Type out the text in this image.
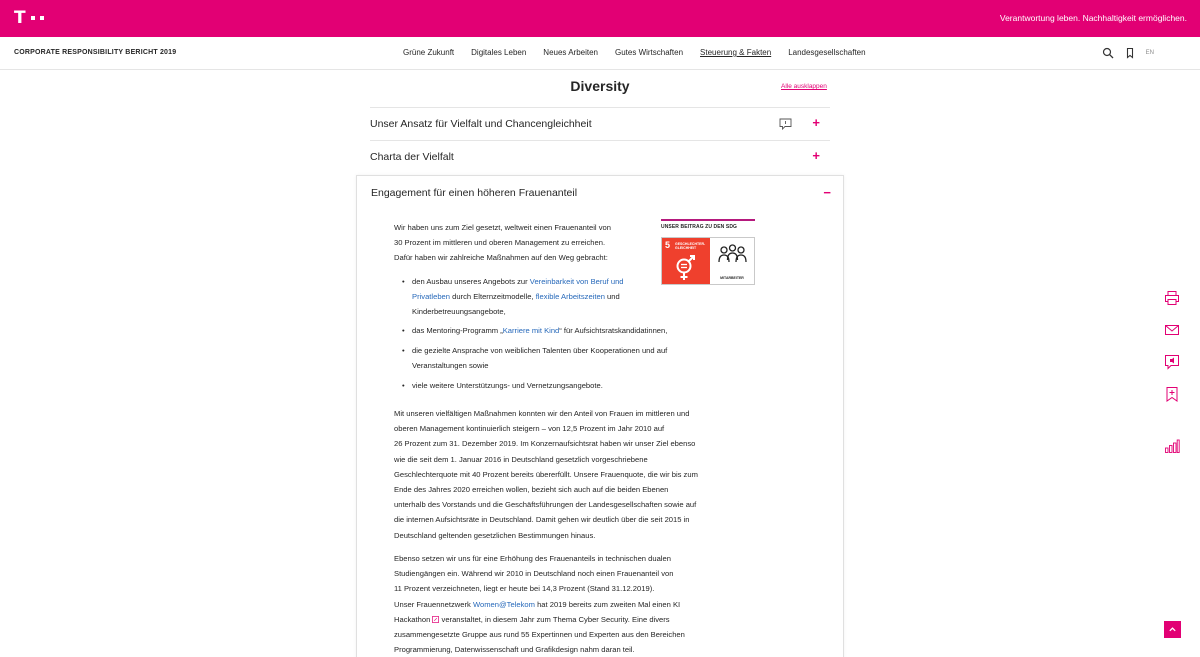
T	Verantwortung leben. Nachhaltigkeit ermöglichen.
CORPORATE RESPONSIBILITY BERICHT 2019	Grüne Zukunft Digitales Leben Neues Arbeiten Gutes Wirtschaften Steuerung & Fakten Landesgesellschaften	EN
Diversity	Alle ausklappen
Unser Ansatz für Vielfalt und Chancengleichheit	+
Charta der Vielfalt	+
Engagement für einen höheren Frauenanteil	−
Wir haben uns zum Ziel gesetzt, weltweit einen Frauenanteil von
30 Prozent im mittleren und oberen Management zu erreichen.
Dafür haben wir zahlreiche Maßnahmen auf den Weg gebracht:
UNSER BEITRAG ZU DEN SDG
5 GESCHLECHTER-GLEICHHEIT
MITARBEITER
• den Ausbau unseres Angebots zur Vereinbarkeit von Beruf und Privatleben durch Elternzeitmodelle, flexible Arbeitszeiten und Kinderbetreuungsangebote,
• das Mentoring-Programm „Karriere mit Kind“ für Aufsichtsratskandidatinnen,
• die gezielte Ansprache von weiblichen Talenten über Kooperationen und auf Veranstaltungen sowie
• viele weitere Unterstützungs- und Vernetzungsangebote.
Mit unseren vielfältigen Maßnahmen konnten wir den Anteil von Frauen im mittleren und
oberen Management kontinuierlich steigern – von 12,5 Prozent im Jahr 2010 auf
26 Prozent zum 31. Dezember 2019. Im Konzernaufsichtsrat haben wir unser Ziel ebenso
wie die seit dem 1. Januar 2016 in Deutschland gesetzlich vorgeschriebene
Geschlechterquote mit 40 Prozent bereits übererfüllt. Unsere Frauenquote, die wir bis zum
Ende des Jahres 2020 erreichen wollen, bezieht sich auch auf die beiden Ebenen
unterhalb des Vorstands und die Geschäftsführungen der Landesgesellschaften sowie auf
die internen Aufsichtsräte in Deutschland. Damit gehen wir deutlich über die seit 2015 in
Deutschland geltenden gesetzlichen Bestimmungen hinaus.
Ebenso setzen wir uns für eine Erhöhung des Frauenanteils in technischen dualen
Studiengängen ein. Während wir 2010 in Deutschland noch einen Frauenanteil von
11 Prozent verzeichneten, liegt er heute bei 14,3 Prozent (Stand 31.12.2019).
Unser Frauennetzwerk Women@Telekom hat 2019 bereits zum zweiten Mal einen KI
Hackathon  veranstaltet, in diesem Jahr zum Thema Cyber Security. Eine divers
zusammengesetzte Gruppe aus rund 55 Expertinnen und Experten aus den Bereichen
Programmierung, Datenwissenschaft und Grafikdesign nahm daran teil.
